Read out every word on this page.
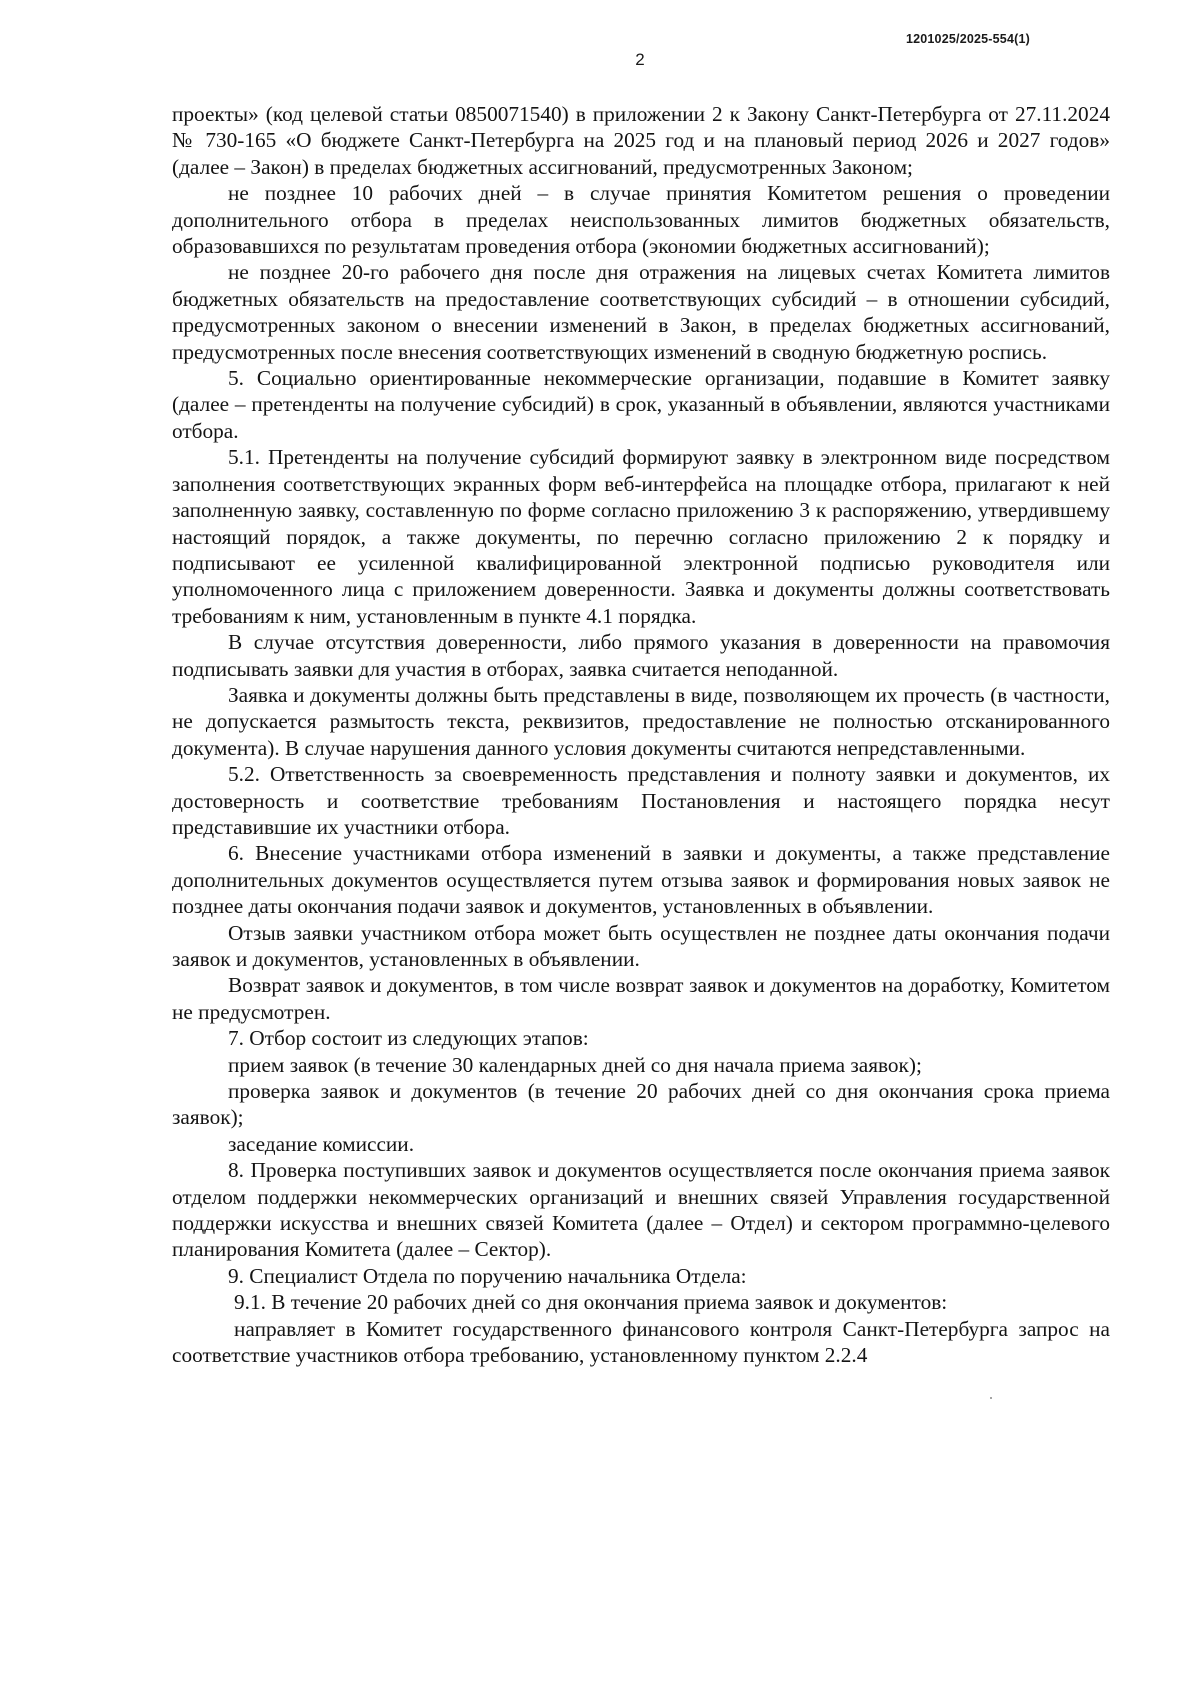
1201025/2025-554(1)
2

проекты» (код целевой статьи 0850071540) в приложении 2 к Закону Санкт-Петербурга от 27.11.2024 № 730-165 «О бюджете Санкт-Петербурга на 2025 год и на плановый период 2026 и 2027 годов» (далее – Закон) в пределах бюджетных ассигнований, предусмотренных Законом;

не позднее 10 рабочих дней – в случае принятия Комитетом решения о проведении дополнительного отбора в пределах неиспользованных лимитов бюджетных обязательств, образовавшихся по результатам проведения отбора (экономии бюджетных ассигнований);

не позднее 20-го рабочего дня после дня отражения на лицевых счетах Комитета лимитов бюджетных обязательств на предоставление соответствующих субсидий – в отношении субсидий, предусмотренных законом о внесении изменений в Закон, в пределах бюджетных ассигнований, предусмотренных после внесения соответствующих изменений в сводную бюджетную роспись.

5. Социально ориентированные некоммерческие организации, подавшие в Комитет заявку (далее – претенденты на получение субсидий) в срок, указанный в объявлении, являются участниками отбора.

5.1. Претенденты на получение субсидий формируют заявку в электронном виде посредством заполнения соответствующих экранных форм веб-интерфейса на площадке отбора, прилагают к ней заполненную заявку, составленную по форме согласно приложению 3 к распоряжению, утвердившему настоящий порядок, а также документы, по перечню согласно приложению 2 к порядку и подписывают ее усиленной квалифицированной электронной подписью руководителя или уполномоченного лица с приложением доверенности. Заявка и документы должны соответствовать требованиям к ним, установленным в пункте 4.1 порядка.

В случае отсутствия доверенности, либо прямого указания в доверенности на правомочия подписывать заявки для участия в отборах, заявка считается неподанной.

Заявка и документы должны быть представлены в виде, позволяющем их прочесть (в частности, не допускается размытость текста, реквизитов, предоставление не полностью отсканированного документа). В случае нарушения данного условия документы считаются непредставленными.

5.2. Ответственность за своевременность представления и полноту заявки и документов, их достоверность и соответствие требованиям Постановления и настоящего порядка несут представившие их участники отбора.

6. Внесение участниками отбора изменений в заявки и документы, а также представление дополнительных документов осуществляется путем отзыва заявок и формирования новых заявок не позднее даты окончания подачи заявок и документов, установленных в объявлении.

Отзыв заявки участником отбора может быть осуществлен не позднее даты окончания подачи заявок и документов, установленных в объявлении.

Возврат заявок и документов, в том числе возврат заявок и документов на доработку, Комитетом не предусмотрен.

7. Отбор состоит из следующих этапов:

прием заявок (в течение 30 календарных дней со дня начала приема заявок);

проверка заявок и документов (в течение 20 рабочих дней со дня окончания срока приема заявок);

заседание комиссии.

8. Проверка поступивших заявок и документов осуществляется после окончания приема заявок отделом поддержки некоммерческих организаций и внешних связей Управления государственной поддержки искусства и внешних связей Комитета (далее – Отдел) и сектором программно-целевого планирования Комитета (далее – Сектор).

9. Специалист Отдела по поручению начальника Отдела:

9.1. В течение 20 рабочих дней со дня окончания приема заявок и документов:

направляет в Комитет государственного финансового контроля Санкт-Петербурга запрос на соответствие участников отбора требованию, установленному пунктом 2.2.4
